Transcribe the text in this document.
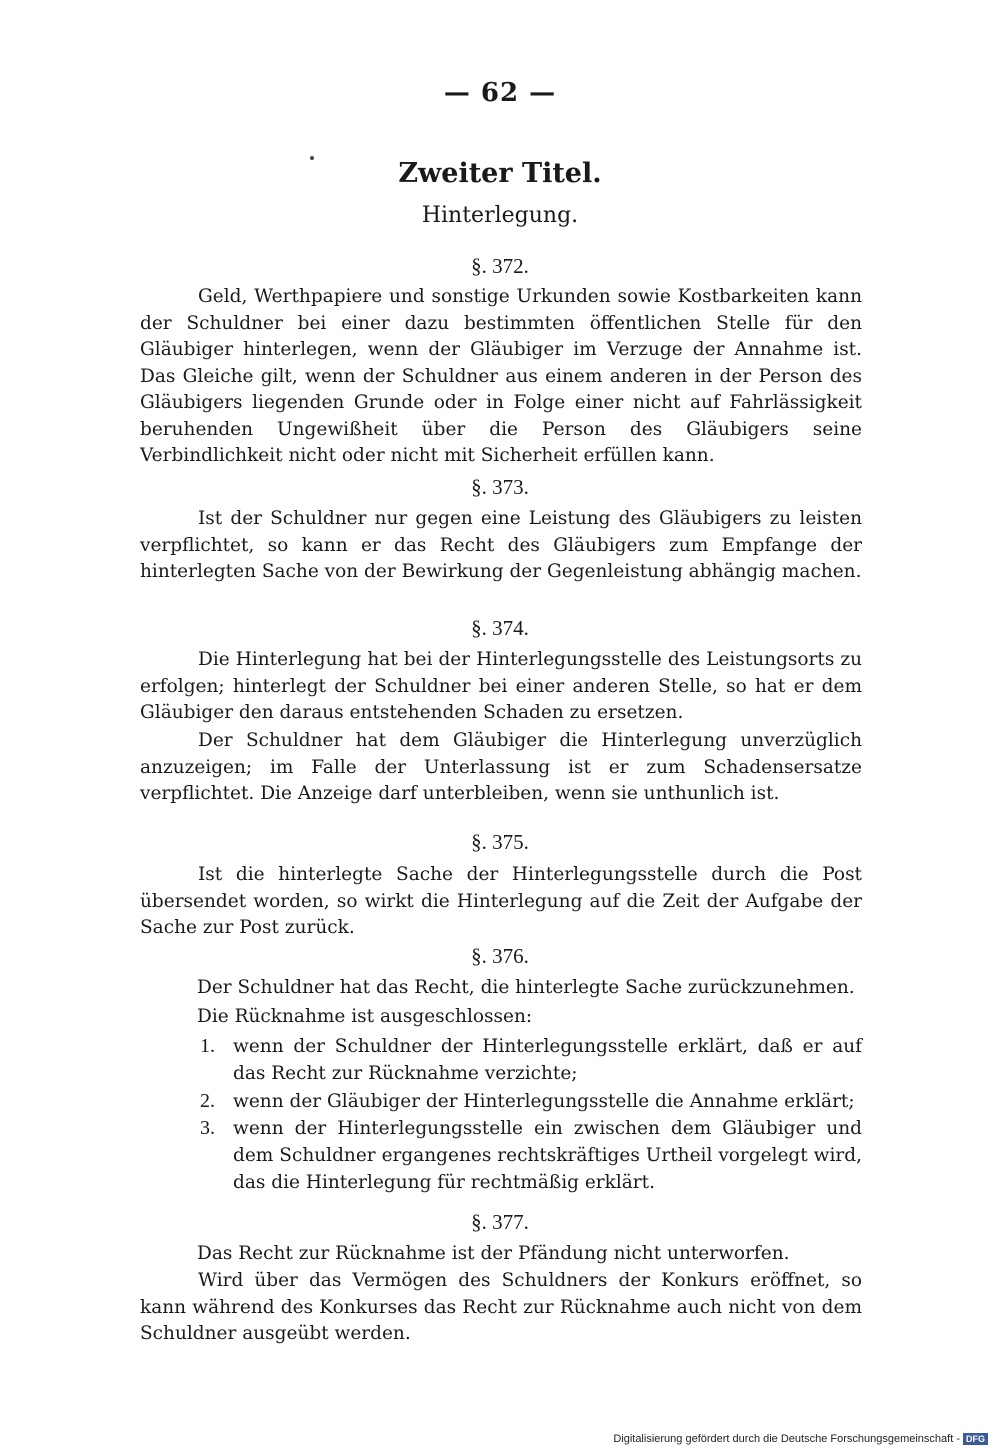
— 62 —
Zweiter Titel.
Hinterlegung.
§. 372.
Geld, Werthpapiere und sonstige Urkunden sowie Kostbarkeiten kann der Schuldner bei einer dazu bestimmten öffentlichen Stelle für den Gläubiger hinterlegen, wenn der Gläubiger im Verzuge der Annahme ist. Das Gleiche gilt, wenn der Schuldner aus einem anderen in der Person des Gläubigers liegenden Grunde oder in Folge einer nicht auf Fahrlässigkeit beruhenden Ungewißheit über die Person des Gläubigers seine Verbindlichkeit nicht oder nicht mit Sicherheit erfüllen kann.
§. 373.
Ist der Schuldner nur gegen eine Leistung des Gläubigers zu leisten verpflichtet, so kann er das Recht des Gläubigers zum Empfange der hinterlegten Sache von der Bewirkung der Gegenleistung abhängig machen.
§. 374.
Die Hinterlegung hat bei der Hinterlegungsstelle des Leistungsorts zu erfolgen; hinterlegt der Schuldner bei einer anderen Stelle, so hat er dem Gläubiger den daraus entstehenden Schaden zu ersetzen.
Der Schuldner hat dem Gläubiger die Hinterlegung unverzüglich anzuzeigen; im Falle der Unterlassung ist er zum Schadensersatze verpflichtet. Die Anzeige darf unterbleiben, wenn sie unthunlich ist.
§. 375.
Ist die hinterlegte Sache der Hinterlegungsstelle durch die Post übersendet worden, so wirkt die Hinterlegung auf die Zeit der Aufgabe der Sache zur Post zurück.
§. 376.
Der Schuldner hat das Recht, die hinterlegte Sache zurückzunehmen.
Die Rücknahme ist ausgeschlossen:
1. wenn der Schuldner der Hinterlegungsstelle erklärt, daß er auf das Recht zur Rücknahme verzichte;
2. wenn der Gläubiger der Hinterlegungsstelle die Annahme erklärt;
3. wenn der Hinterlegungsstelle ein zwischen dem Gläubiger und dem Schuldner ergangenes rechtskräftiges Urtheil vorgelegt wird, das die Hinterlegung für rechtmäßig erklärt.
§. 377.
Das Recht zur Rücknahme ist der Pfändung nicht unterworfen.
Wird über das Vermögen des Schuldners der Konkurs eröffnet, so kann während des Konkurses das Recht zur Rücknahme auch nicht von dem Schuldner ausgeübt werden.
Digitalisierung gefördert durch die Deutsche Forschungsgemeinschaft - DFG
